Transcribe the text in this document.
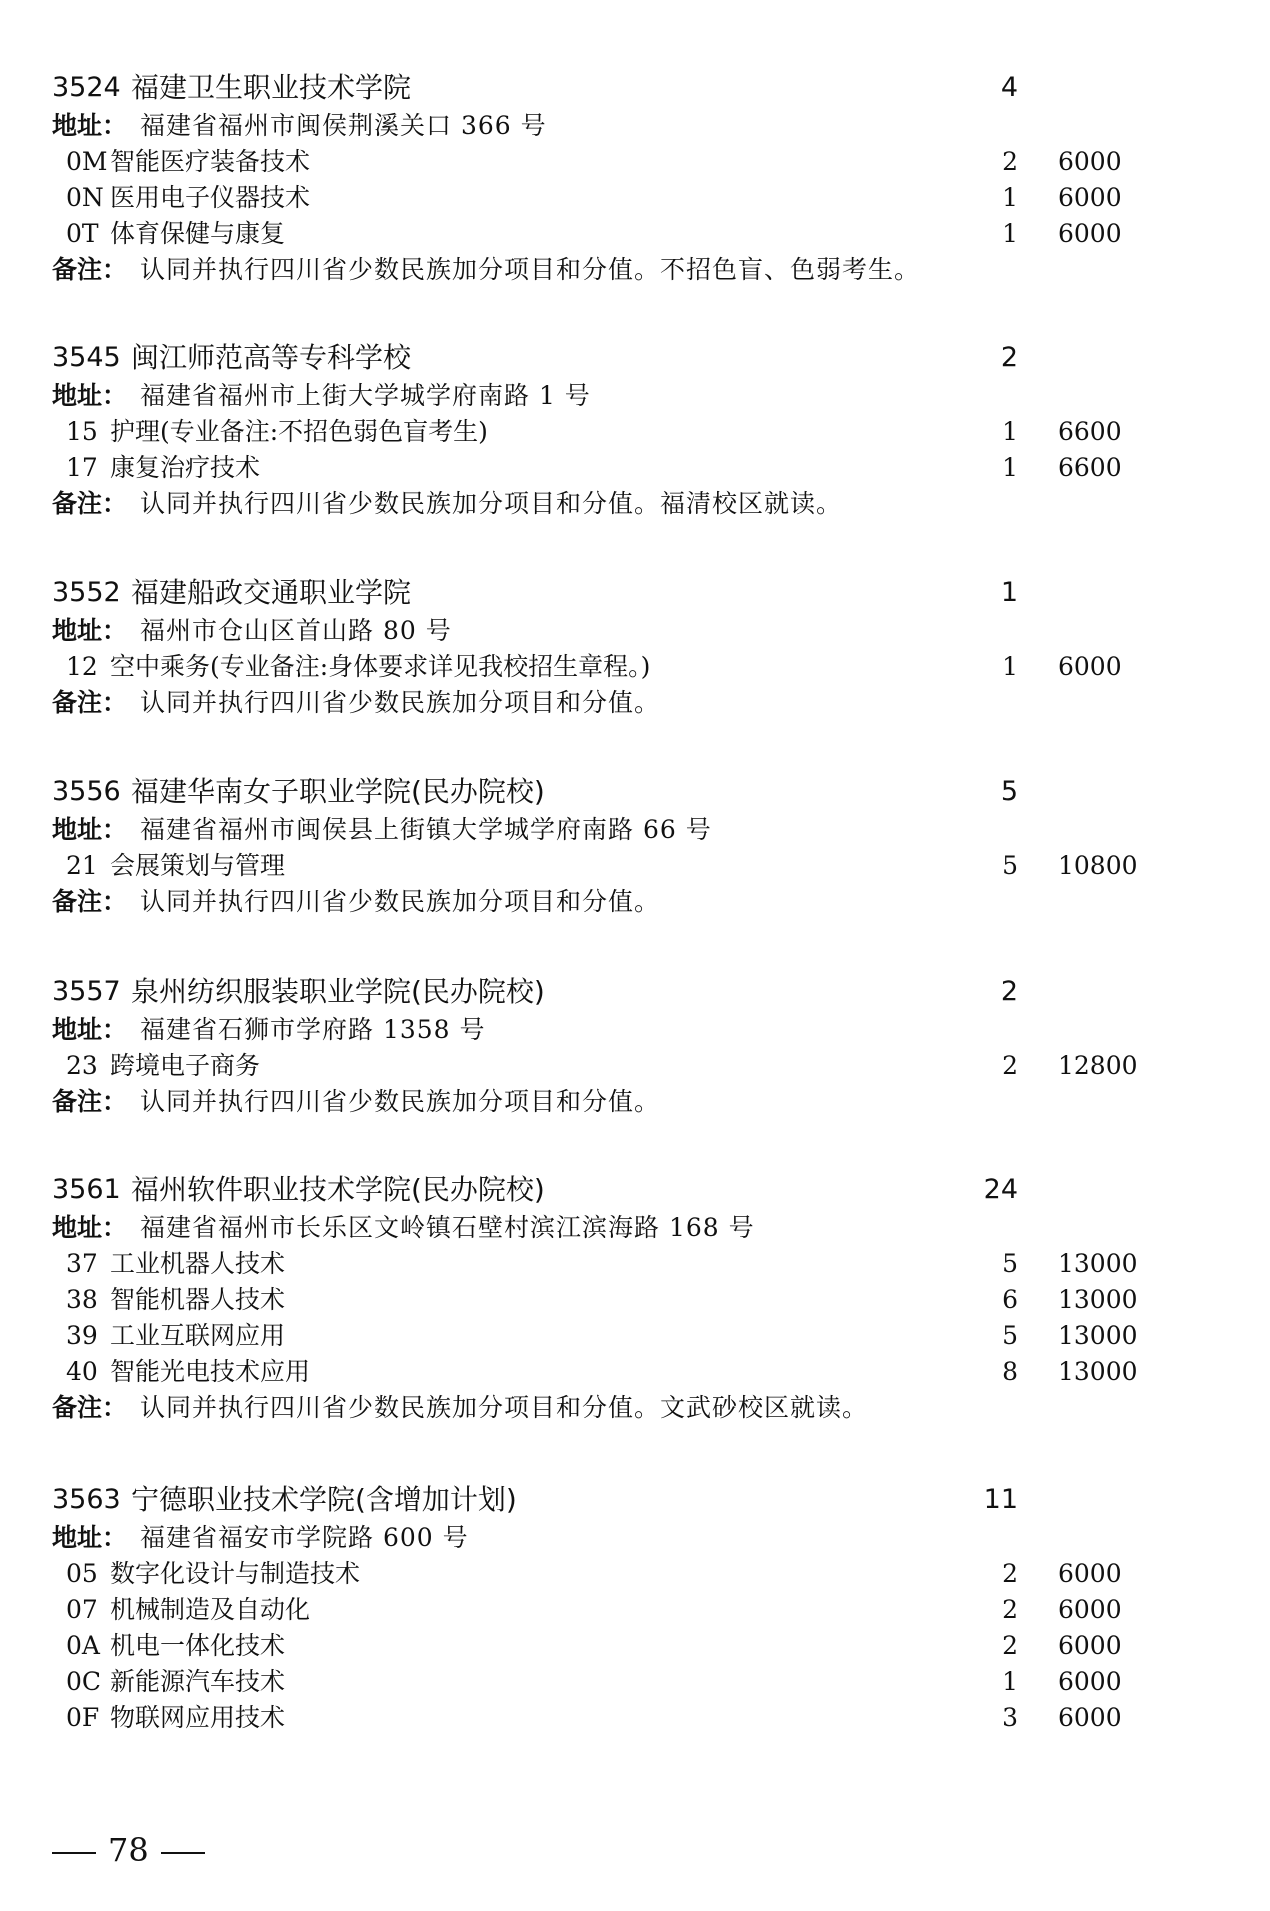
3524 福建卫生职业技术学院	4
地址： 福建省福州市闽侯荆溪关口 366 号
0M 智能医疗装备技术	2 6000
0N 医用电子仪器技术	1 6000
0T 体育保健与康复	1 6000
备注： 认同并执行四川省少数民族加分项目和分值。不招色盲、色弱考生。
3545 闽江师范高等专科学校	2
地址： 福建省福州市上街大学城学府南路 1 号
15 护理(专业备注:不招色弱色盲考生)	1 6600
17 康复治疗技术	1 6600
备注： 认同并执行四川省少数民族加分项目和分值。福清校区就读。
3552 福建船政交通职业学院	1
地址： 福州市仓山区首山路 80 号
12 空中乘务(专业备注:身体要求详见我校招生章程。)	1 6000
备注： 认同并执行四川省少数民族加分项目和分值。
3556 福建华南女子职业学院(民办院校)	5
地址： 福建省福州市闽侯县上街镇大学城学府南路 66 号
21 会展策划与管理	5 10800
备注： 认同并执行四川省少数民族加分项目和分值。
3557 泉州纺织服装职业学院(民办院校)	2
地址： 福建省石狮市学府路 1358 号
23 跨境电子商务	2 12800
备注： 认同并执行四川省少数民族加分项目和分值。
3561 福州软件职业技术学院(民办院校)	24
地址： 福建省福州市长乐区文岭镇石壁村滨江滨海路 168 号
37 工业机器人技术	5 13000
38 智能机器人技术	6 13000
39 工业互联网应用	5 13000
40 智能光电技术应用	8 13000
备注： 认同并执行四川省少数民族加分项目和分值。文武砂校区就读。
3563 宁德职业技术学院(含增加计划)	11
地址： 福建省福安市学院路 600 号
05 数字化设计与制造技术	2 6000
07 机械制造及自动化	2 6000
0A 机电一体化技术	2 6000
0C 新能源汽车技术	1 6000
0F 物联网应用技术	3 6000
78
